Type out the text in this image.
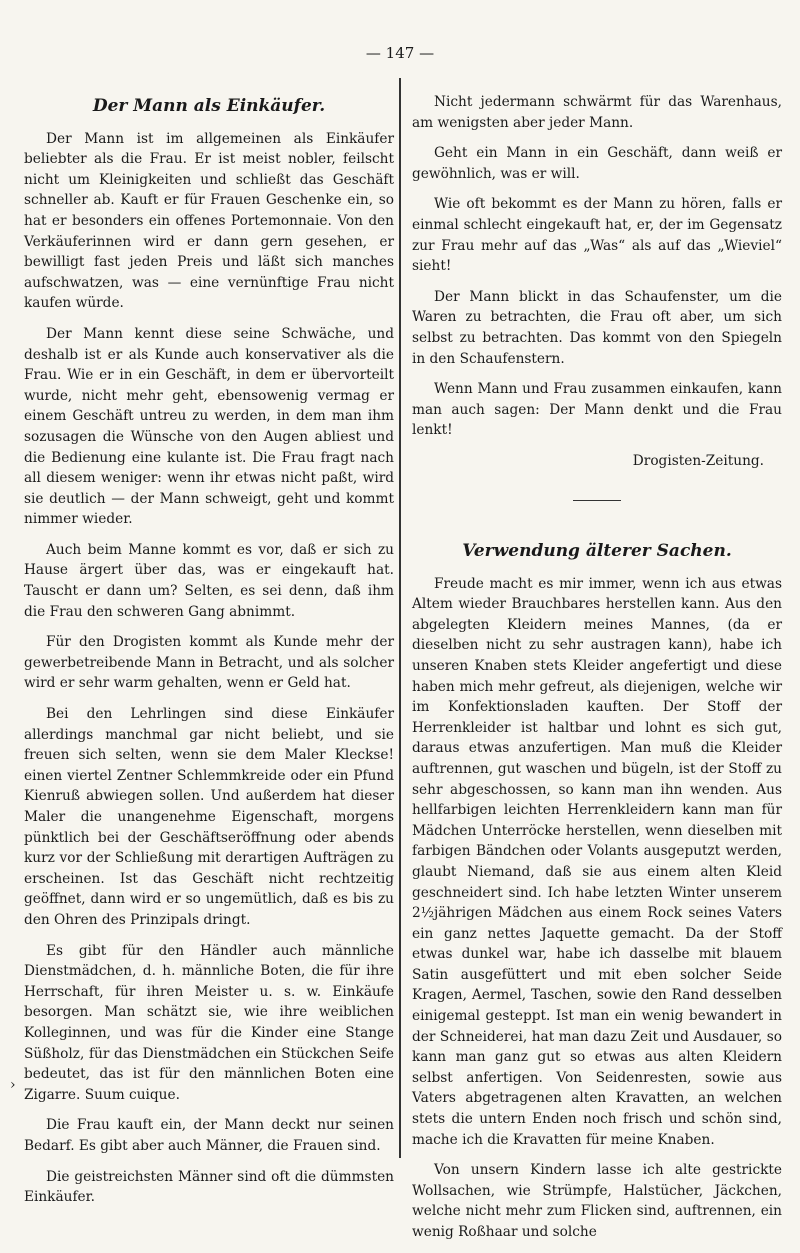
— 147 —
Der Mann als Einkäufer.

Der Mann ist im allgemeinen als Einkäufer beliebter als die Frau. Er ist meist nobler, feilscht nicht um Kleinigkeiten und schließt das Geschäft schneller ab. Kauft er für Frauen Geschenke ein, so hat er besonders ein offenes Portemonnaie. Von den Verkäuferinnen wird er dann gern gesehen, er bewilligt fast jeden Preis und läßt sich manches aufschwatzen, was — eine vernünftige Frau nicht kaufen würde.

Der Mann kennt diese seine Schwäche, und deshalb ist er als Kunde auch konservativer als die Frau. Wie er in ein Geschäft, in dem er übervorteilt wurde, nicht mehr geht, ebensowenig vermag er einem Geschäft untreu zu werden, in dem man ihm sozusagen die Wünsche von den Augen abliest und die Bedienung eine kulante ist. Die Frau fragt nach all diesem weniger: wenn ihr etwas nicht paßt, wird sie deutlich — der Mann schweigt, geht und kommt nimmer wieder.

Auch beim Manne kommt es vor, daß er sich zu Hause ärgert über das, was er eingekauft hat. Tauscht er dann um? Selten, es sei denn, daß ihm die Frau den schweren Gang abnimmt.

Für den Drogisten kommt als Kunde mehr der gewerbetreibende Mann in Betracht, und als solcher wird er sehr warm gehalten, wenn er Geld hat.

Bei den Lehrlingen sind diese Einkäufer allerdings manchmal gar nicht beliebt, und sie freuen sich selten, wenn sie dem Maler Kleckse! einen viertel Zentner Schlemmkreide oder ein Pfund Kienruß abwiegen sollen. Und außerdem hat dieser Maler die unangenehme Eigenschaft, morgens pünktlich bei der Geschäftseröffnung oder abends kurz vor der Schließung mit derartigen Aufträgen zu erscheinen. Ist das Geschäft nicht rechtzeitig geöffnet, dann wird er so ungemütlich, daß es bis zu den Ohren des Prinzipals dringt.

Es gibt für den Händler auch männliche Dienstmädchen, d. h. männliche Boten, die für ihre Herrschaft, für ihren Meister u. s. w. Einkäufe besorgen. Man schätzt sie, wie ihre weiblichen Kolleginnen, und was für die Kinder eine Stange Süßholz, für das Dienstmädchen ein Stückchen Seife bedeutet, das ist für den männlichen Boten eine Zigarre. Suum cuique.

Die Frau kauft ein, der Mann deckt nur seinen Bedarf. Es gibt aber auch Männer, die Frauen sind.

Die geistreichsten Männer sind oft die dümmsten Einkäufer.

Nicht jedermann schwärmt für das Warenhaus, am wenigsten aber jeder Mann.

Geht ein Mann in ein Geschäft, dann weiß er gewöhnlich, was er will.

Wie oft bekommt es der Mann zu hören, falls er einmal schlecht eingekauft hat, er, der im Gegensatz zur Frau mehr auf das „Was“ als auf das „Wieviel“ sieht!

Der Mann blickt in das Schaufenster, um die Waren zu betrachten, die Frau oft aber, um sich selbst zu betrachten. Das kommt von den Spiegeln in den Schaufenstern.

Wenn Mann und Frau zusammen einkaufen, kann man auch sagen: Der Mann denkt und die Frau lenkt!

Drogisten-Zeitung.

Verwendung älterer Sachen.

Freude macht es mir immer, wenn ich aus etwas Altem wieder Brauchbares herstellen kann. Aus den abgelegten Kleidern meines Mannes, (da er dieselben nicht zu sehr austragen kann), habe ich unseren Knaben stets Kleider angefertigt und diese haben mich mehr gefreut, als diejenigen, welche wir im Konfektionsladen kauften. Der Stoff der Herrenkleider ist haltbar und lohnt es sich gut, daraus etwas anzufertigen. Man muß die Kleider auftrennen, gut waschen und bügeln, ist der Stoff zu sehr abgeschossen, so kann man ihn wenden. Aus hellfarbigen leichten Herrenkleidern kann man für Mädchen Unterröcke herstellen, wenn dieselben mit farbigen Bändchen oder Volants ausgeputzt werden, glaubt Niemand, daß sie aus einem alten Kleid geschneidert sind. Ich habe letzten Winter unserem 2½jährigen Mädchen aus einem Rock seines Vaters ein ganz nettes Jaquette gemacht. Da der Stoff etwas dunkel war, habe ich dasselbe mit blauem Satin ausgefüttert und mit eben solcher Seide Kragen, Aermel, Taschen, sowie den Rand desselben einigemal gesteppt. Ist man ein wenig bewandert in der Schneiderei, hat man dazu Zeit und Ausdauer, so kann man ganz gut so etwas aus alten Kleidern selbst anfertigen. Von Seidenresten, sowie aus Vaters abgetragenen alten Kravatten, an welchen stets die untern Enden noch frisch und schön sind, mache ich die Kravatten für meine Knaben.

Von unsern Kindern lasse ich alte gestrickte Wollsachen, wie Strümpfe, Halstücher, Jäckchen, welche nicht mehr zum Flicken sind, auftrennen, ein wenig Roßhaar und solche

›
